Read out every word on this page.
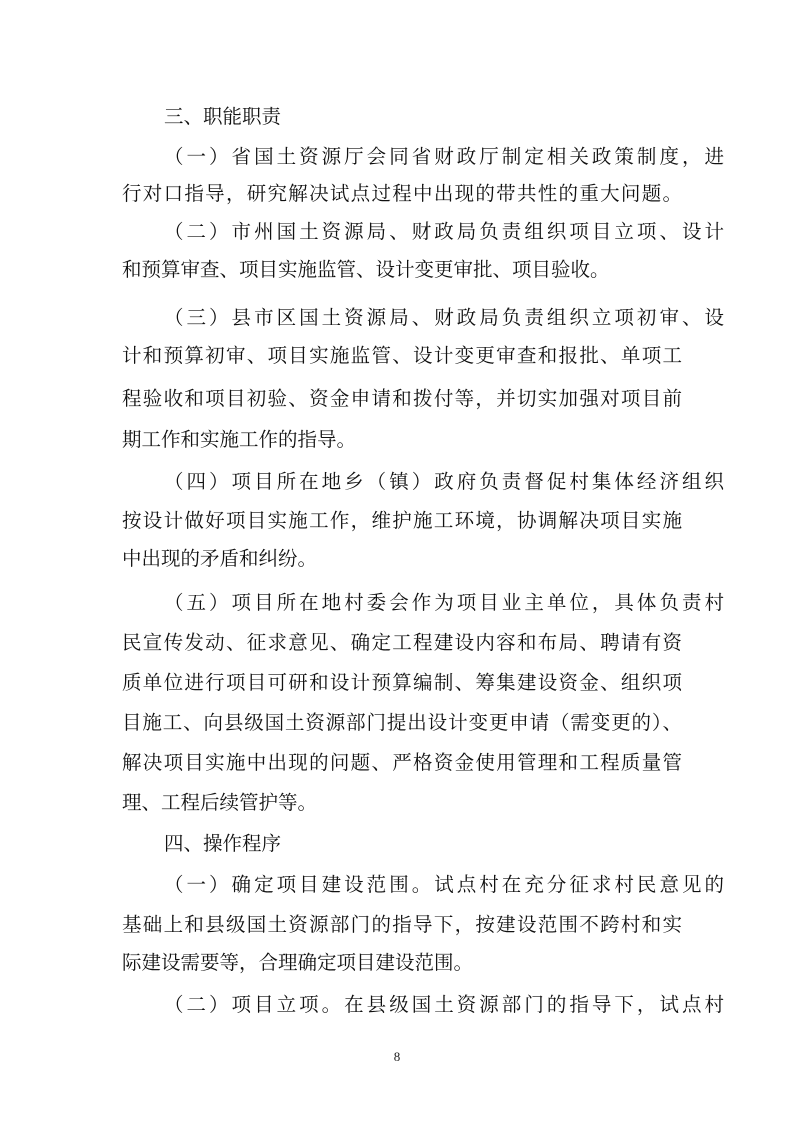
三、职能职责

（一）省国土资源厅会同省财政厅制定相关政策制度，进

行对口指导，研究解决试点过程中出现的带共性的重大问题。

（二）市州国土资源局、财政局负责组织项目立项、设计

和预算审查、项目实施监管、设计变更审批、项目验收。

（三）县市区国土资源局、财政局负责组织立项初审、设

计和预算初审、项目实施监管、设计变更审查和报批、单项工

程验收和项目初验、资金申请和拨付等，并切实加强对项目前

期工作和实施工作的指导。

（四）项目所在地乡（镇）政府负责督促村集体经济组织

按设计做好项目实施工作，维护施工环境，协调解决项目实施

中出现的矛盾和纠纷。

（五）项目所在地村委会作为项目业主单位，具体负责村

民宣传发动、征求意见、确定工程建设内容和布局、聘请有资

质单位进行项目可研和设计预算编制、筹集建设资金、组织项

目施工、向县级国土资源部门提出设计变更申请（需变更的）、

解决项目实施中出现的问题、严格资金使用管理和工程质量管

理、工程后续管护等。

四、操作程序

（一）确定项目建设范围。试点村在充分征求村民意见的

基础上和县级国土资源部门的指导下，按建设范围不跨村和实

际建设需要等，合理确定项目建设范围。

（二）项目立项。在县级国土资源部门的指导下，试点村

8
